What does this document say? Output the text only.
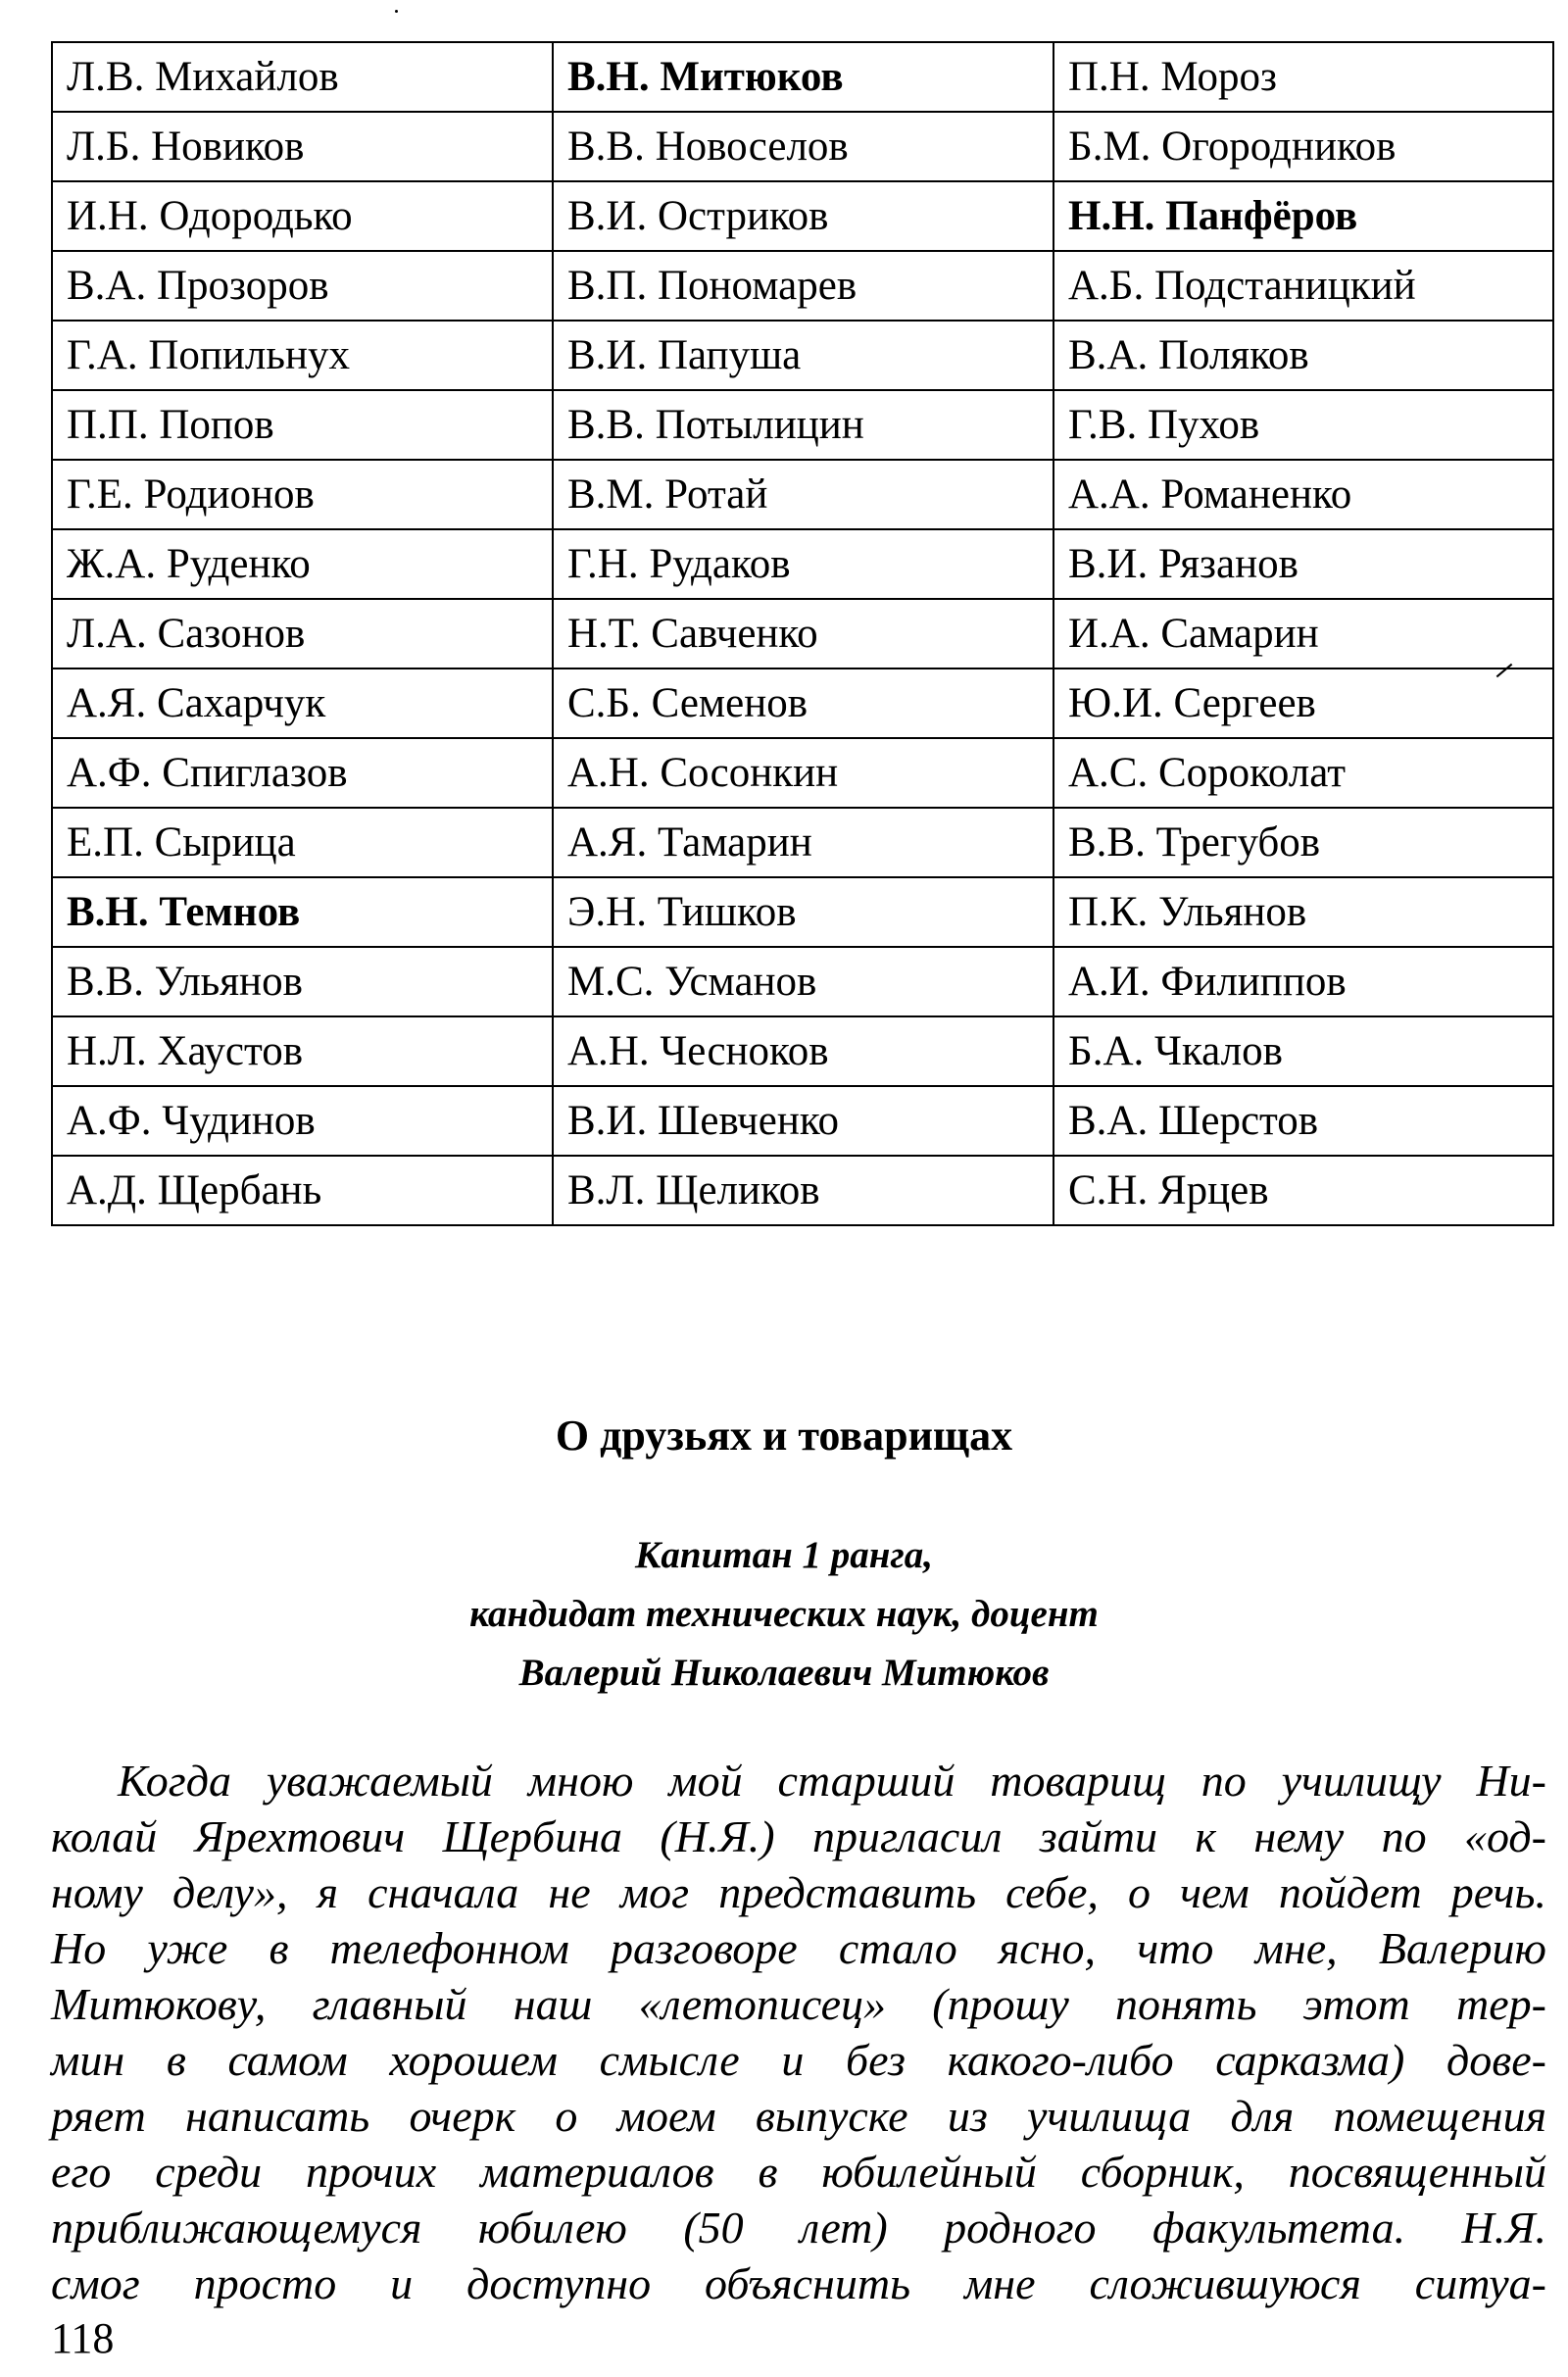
Л.В. Михайлов	В.Н. Митюков	П.Н. Мороз
Л.Б. Новиков	В.В. Новоселов	Б.М. Огородников
И.Н. Одородько	В.И. Остриков	Н.Н. Панфёров
В.А. Прозоров	В.П. Пономарев	А.Б. Подстаницкий
Г.А. Попильнух	В.И. Папуша	В.А. Поляков
П.П. Попов	В.В. Потылицин	Г.В. Пухов
Г.Е. Родионов	В.М. Ротай	А.А. Романенко
Ж.А. Руденко	Г.Н. Рудаков	В.И. Рязанов
Л.А. Сазонов	Н.Т. Савченко	И.А. Самарин
А.Я. Сахарчук	С.Б. Семенов	Ю.И. Сергеев
А.Ф. Спиглазов	А.Н. Сосонкин	А.С. Сороколат
Е.П. Сырица	А.Я. Тамарин	В.В. Трегубов
В.Н. Темнов	Э.Н. Тишков	П.К. Ульянов
В.В. Ульянов	М.С. Усманов	А.И. Филиппов
Н.Л. Хаустов	А.Н. Чесноков	Б.А. Чкалов
А.Ф. Чудинов	В.И. Шевченко	В.А. Шерстов
А.Д. Щербань	В.Л. Щеликов	С.Н. Ярцев
О друзьях и товарищах
Капитан 1 ранга,
кандидат технических наук, доцент
Валерий Николаевич Митюков
Когда уважаемый мною мой старший товарищ по училищу Ни-
колай Ярехтович Щербина (Н.Я.) пригласил зайти к нему по «од-
ному делу», я сначала не мог представить себе, о чем пойдет речь.
Но уже в телефонном разговоре стало ясно, что мне, Валерию
Митюкову, главный наш «летописец» (прошу понять этот тер-
мин в самом хорошем смысле и без какого-либо сарказма) дове-
ряет написать очерк о моем выпуске из училища для помещения
его среди прочих материалов в юбилейный сборник, посвященный
приближающемуся юбилею (50 лет) родного факультета. Н.Я.
смог просто и доступно объяснить мне сложившуюся ситуа-
118
